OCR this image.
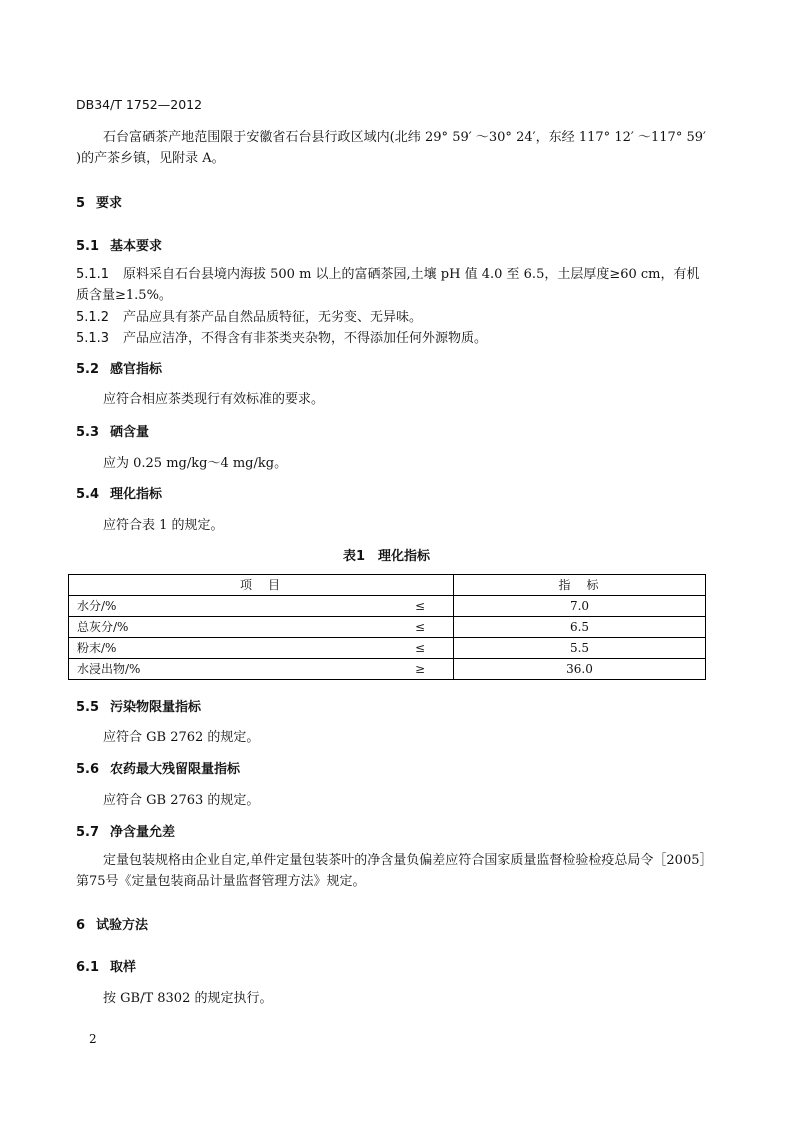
DB34/T 1752—2012
石台富硒茶产地范围限于安徽省石台县行政区域内(北纬 29° 59′ ～30° 24′，东经 117° 12′ ～117° 59′ )的产茶乡镇，见附录 A。
5 要求
5.1 基本要求
5.1.1 原料采自石台县境内海拔 500 m 以上的富硒茶园,土壤 pH 值 4.0 至 6.5，土层厚度≥60 cm，有机质含量≥1.5%。
5.1.2 产品应具有茶产品自然品质特征，无劣变、无异味。
5.1.3 产品应洁净，不得含有非茶类夹杂物，不得添加任何外源物质。
5.2 感官指标
应符合相应茶类现行有效标准的要求。
5.3 硒含量
应为 0.25 mg/kg～4 mg/kg。
5.4 理化指标
应符合表 1 的规定。
表1　理化指标
项　目	指　标
水分/% ≤	7.0
总灰分/% ≤	6.5
粉末/% ≤	5.5
水浸出物/% ≥	36.0
5.5 污染物限量指标
应符合 GB 2762 的规定。
5.6 农药最大残留限量指标
应符合 GB 2763 的规定。
5.7 净含量允差
定量包装规格由企业自定,单件定量包装茶叶的净含量负偏差应符合国家质量监督检验检疫总局令［2005］第75号《定量包装商品计量监督管理方法》规定。
6 试验方法
6.1 取样
按 GB/T 8302 的规定执行。
2
